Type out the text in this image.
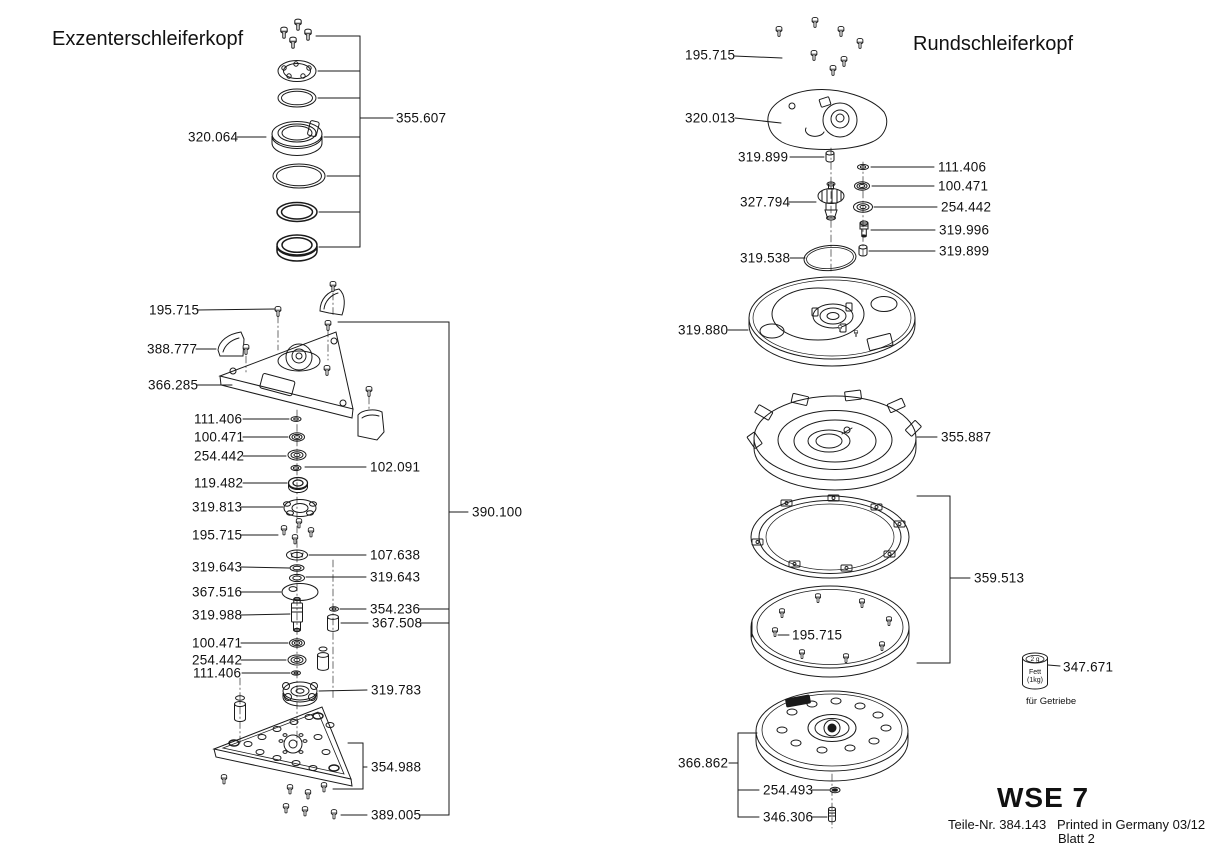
2 g
Fett
(1kg)
Exzenterschleiferkopf	Rundschleiferkopf
355.607
320.064
195.715
388.777
366.285
111.406
100.471
254.442
102.091
119.482
319.813
195.715
107.638
319.643
319.643
367.516
319.988	354.236
367.508
100.471
254.442
111.406
319.783
390.100
354.988
389.005
195.715
320.013
319.899
111.406
100.471
327.794	254.442
319.996
319.899
319.538
319.880
355.887
359.513
195.715
347.671
366.862
254.493
346.306
für Getriebe
WSE 7
Teile-Nr. 384.143 Printed in Germany 03/12
Blatt 2
